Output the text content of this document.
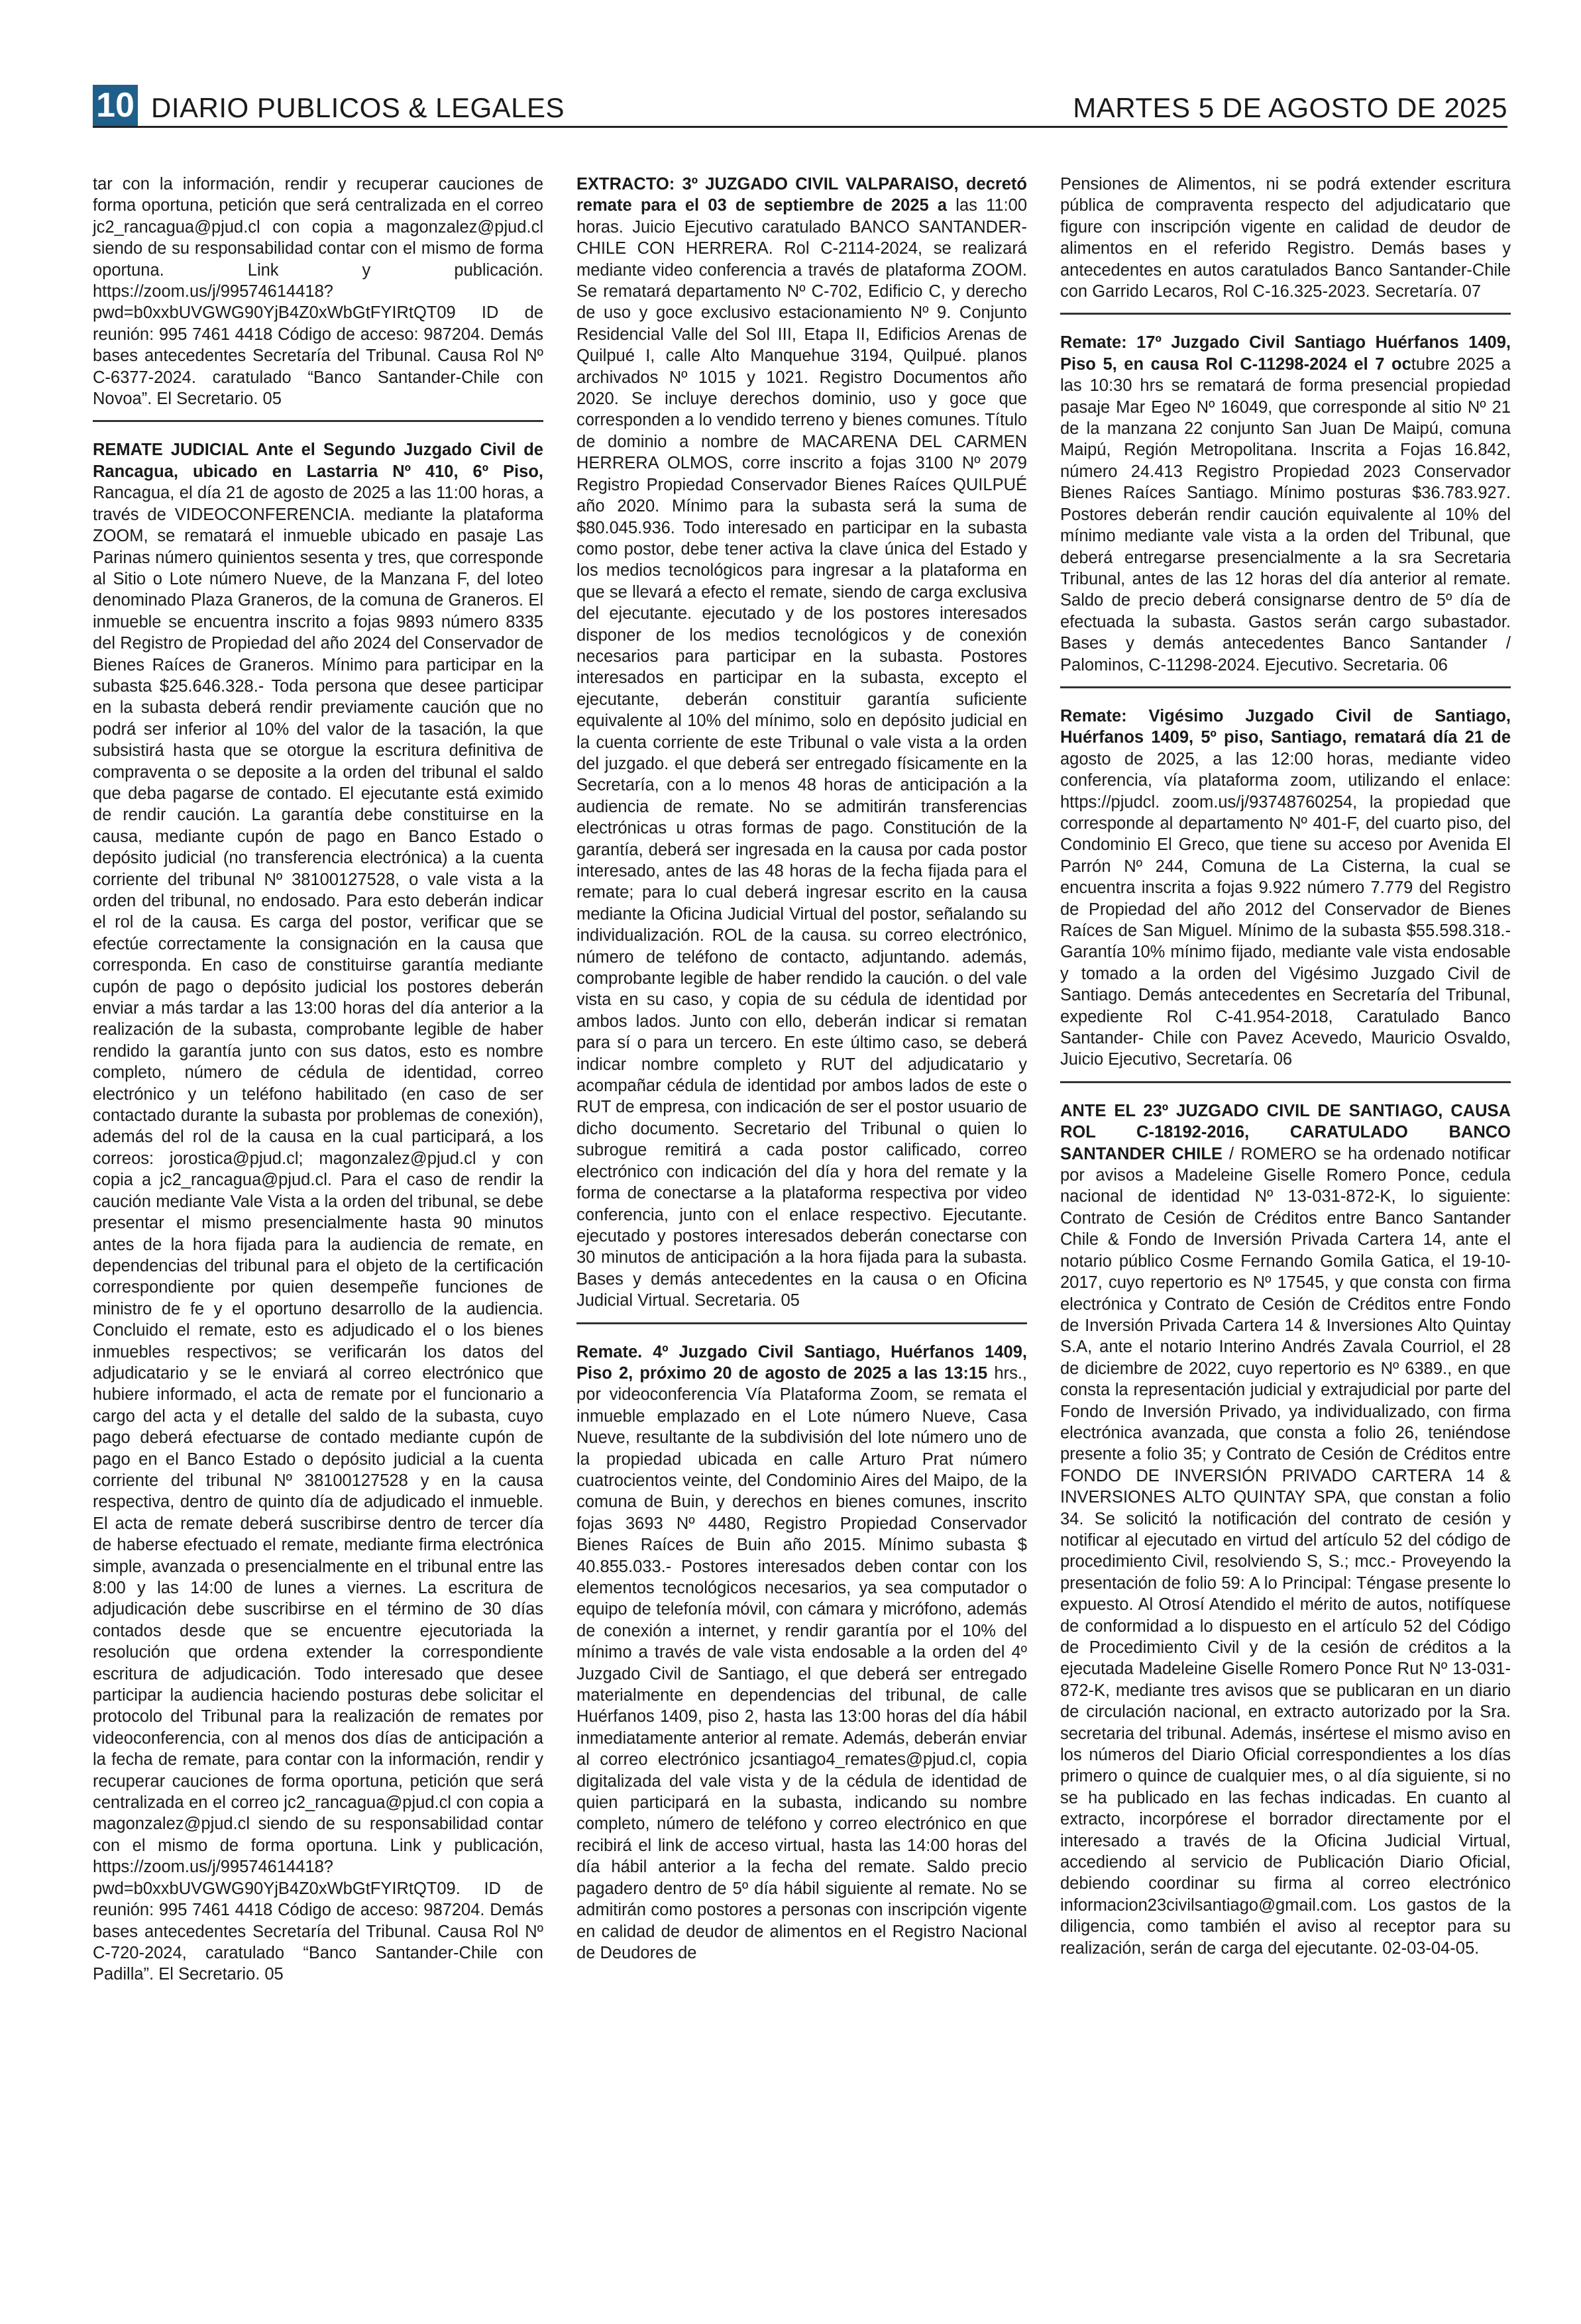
10 DIARIO PUBLICOS & LEGALES	MARTES 5 DE AGOSTO DE 2025

tar con la información, rendir y recuperar cauciones de forma oportuna, petición que será centralizada en el correo jc2_rancagua@pjud.cl con copia a magonzalez@pjud.cl siendo de su responsabilidad contar con el mismo de forma oportuna. Link y publicación. https://zoom.us/j/99574614418?pwd=b0xxbUVGWG90YjB4Z0xWbGtFYIRtQT09 ID de reunión: 995 7461 4418 Código de acceso: 987204. Demás bases antecedentes Secretaría del Tribunal. Causa Rol Nº C-6377-2024. caratulado “Banco Santander-Chile con Novoa”. El Secretario. 05

REMATE JUDICIAL Ante el Segundo Juzgado Civil de Rancagua, ubicado en Lastarria Nº 410, 6º Piso, Rancagua, el día 21 de agosto de 2025 a las 11:00 horas, a través de VIDEOCONFERENCIA. mediante la plataforma ZOOM, se rematará el inmueble ubicado en pasaje Las Parinas número quinientos sesenta y tres, que corresponde al Sitio o Lote número Nueve, de la Manzana F, del loteo denominado Plaza Graneros, de la comuna de Graneros. El inmueble se encuentra inscrito a fojas 9893 número 8335 del Registro de Propiedad del año 2024 del Conservador de Bienes Raíces de Graneros. Mínimo para participar en la subasta $25.646.328.- Toda persona que desee participar en la subasta deberá rendir previamente caución que no podrá ser inferior al 10% del valor de la tasación, la que subsistirá hasta que se otorgue la escritura definitiva de compraventa o se deposite a la orden del tribunal el saldo que deba pagarse de contado. El ejecutante está eximido de rendir caución. La garantía debe constituirse en la causa, mediante cupón de pago en Banco Estado o depósito judicial (no transferencia electrónica) a la cuenta corriente del tribunal Nº 38100127528, o vale vista a la orden del tribunal, no endosado. Para esto deberán indicar el rol de la causa. Es carga del postor, verificar que se efectúe correctamente la consignación en la causa que corresponda. En caso de constituirse garantía mediante cupón de pago o depósito judicial los postores deberán enviar a más tardar a las 13:00 horas del día anterior a la realización de la subasta, comprobante legible de haber rendido la garantía junto con sus datos, esto es nombre completo, número de cédula de identidad, correo electrónico y un teléfono habilitado (en caso de ser contactado durante la subasta por problemas de conexión), además del rol de la causa en la cual participará, a los correos: jorostica@pjud.cl; magonzalez@pjud.cl y con copia a jc2_rancagua@pjud.cl. Para el caso de rendir la caución mediante Vale Vista a la orden del tribunal, se debe presentar el mismo presencialmente hasta 90 minutos antes de la hora fijada para la audiencia de remate, en dependencias del tribunal para el objeto de la certificación correspondiente por quien desempeñe funciones de ministro de fe y el oportuno desarrollo de la audiencia. Concluido el remate, esto es adjudicado el o los bienes inmuebles respectivos; se verificarán los datos del adjudicatario y se le enviará al correo electrónico que hubiere informado, el acta de remate por el funcionario a cargo del acta y el detalle del saldo de la subasta, cuyo pago deberá efectuarse de contado mediante cupón de pago en el Banco Estado o depósito judicial a la cuenta corriente del tribunal Nº 38100127528 y en la causa respectiva, dentro de quinto día de adjudicado el inmueble. El acta de remate deberá suscribirse dentro de tercer día de haberse efectuado el remate, mediante firma electrónica simple, avanzada o presencialmente en el tribunal entre las 8:00 y las 14:00 de lunes a viernes. La escritura de adjudicación debe suscribirse en el término de 30 días contados desde que se encuentre ejecutoriada la resolución que ordena extender la correspondiente escritura de adjudicación. Todo interesado que desee participar la audiencia haciendo posturas debe solicitar el protocolo del Tribunal para la realización de remates por videoconferencia, con al menos dos días de anticipación a la fecha de remate, para contar con la información, rendir y recuperar cauciones de forma oportuna, petición que será centralizada en el correo jc2_rancagua@pjud.cl con copia a magonzalez@pjud.cl siendo de su responsabilidad contar con el mismo de forma oportuna. Link y publicación, https://zoom.us/j/99574614418?pwd=b0xxbUVGWG90YjB4Z0xWbGtFYIRtQT09. ID de reunión: 995 7461 4418 Código de acceso: 987204. Demás bases antecedentes Secretaría del Tribunal. Causa Rol Nº C-720-2024, caratulado “Banco Santander-Chile con Padilla”. El Secretario. 05

EXTRACTO: 3º JUZGADO CIVIL VALPARAISO, decretó remate para el 03 de septiembre de 2025 a las 11:00 horas. Juicio Ejecutivo caratulado BANCO SANTANDER-CHILE CON HERRERA. Rol C-2114-2024, se realizará mediante video conferencia a través de plataforma ZOOM. Se rematará departamento Nº C-702, Edificio C, y derecho de uso y goce exclusivo estacionamiento Nº 9. Conjunto Residencial Valle del Sol III, Etapa II, Edificios Arenas de Quilpué I, calle Alto Manquehue 3194, Quilpué. planos archivados Nº 1015 y 1021. Registro Documentos año 2020. Se incluye derechos dominio, uso y goce que corresponden a lo vendido terreno y bienes comunes. Título de dominio a nombre de MACARENA DEL CARMEN HERRERA OLMOS, corre inscrito a fojas 3100 Nº 2079 Registro Propiedad Conservador Bienes Raíces QUILPUÉ año 2020. Mínimo para la subasta será la suma de $80.045.936. Todo interesado en participar en la subasta como postor, debe tener activa la clave única del Estado y los medios tecnológicos para ingresar a la plataforma en que se llevará a efecto el remate, siendo de carga exclusiva del ejecutante. ejecutado y de los postores interesados disponer de los medios tecnológicos y de conexión necesarios para participar en la subasta. Postores interesados en participar en la subasta, excepto el ejecutante, deberán constituir garantía suficiente equivalente al 10% del mínimo, solo en depósito judicial en la cuenta corriente de este Tribunal o vale vista a la orden del juzgado. el que deberá ser entregado físicamente en la Secretaría, con a lo menos 48 horas de anticipación a la audiencia de remate. No se admitirán transferencias electrónicas u otras formas de pago. Constitución de la garantía, deberá ser ingresada en la causa por cada postor interesado, antes de las 48 horas de la fecha fijada para el remate; para lo cual deberá ingresar escrito en la causa mediante la Oficina Judicial Virtual del postor, señalando su individualización. ROL de la causa. su correo electrónico, número de teléfono de contacto, adjuntando. además, comprobante legible de haber rendido la caución. o del vale vista en su caso, y copia de su cédula de identidad por ambos lados. Junto con ello, deberán indicar si rematan para sí o para un tercero. En este último caso, se deberá indicar nombre completo y RUT del adjudicatario y acompañar cédula de identidad por ambos lados de este o RUT de empresa, con indicación de ser el postor usuario de dicho documento. Secretario del Tribunal o quien lo subrogue remitirá a cada postor calificado, correo electrónico con indicación del día y hora del remate y la forma de conectarse a la plataforma respectiva por video conferencia, junto con el enlace respectivo. Ejecutante. ejecutado y postores interesados deberán conectarse con 30 minutos de anticipación a la hora fijada para la subasta. Bases y demás antecedentes en la causa o en Oficina Judicial Virtual. Secretaria. 05

Remate. 4º Juzgado Civil Santiago, Huérfanos 1409, Piso 2, próximo 20 de agosto de 2025 a las 13:15 hrs., por videoconferencia Vía Plataforma Zoom, se remata el inmueble emplazado en el Lote número Nueve, Casa Nueve, resultante de la subdivisión del lote número uno de la propiedad ubicada en calle Arturo Prat número cuatrocientos veinte, del Condominio Aires del Maipo, de la comuna de Buin, y derechos en bienes comunes, inscrito fojas 3693 Nº 4480, Registro Propiedad Conservador Bienes Raíces de Buin año 2015. Mínimo subasta $ 40.855.033.- Postores interesados deben contar con los elementos tecnológicos necesarios, ya sea computador o equipo de telefonía móvil, con cámara y micrófono, además de conexión a internet, y rendir garantía por el 10% del mínimo a través de vale vista endosable a la orden del 4º Juzgado Civil de Santiago, el que deberá ser entregado materialmente en dependencias del tribunal, de calle Huérfanos 1409, piso 2, hasta las 13:00 horas del día hábil inmediatamente anterior al remate. Además, deberán enviar al correo electrónico jcsantiago4_remates@pjud.cl, copia digitalizada del vale vista y de la cédula de identidad de quien participará en la subasta, indicando su nombre completo, número de teléfono y correo electrónico en que recibirá el link de acceso virtual, hasta las 14:00 horas del día hábil anterior a la fecha del remate. Saldo precio pagadero dentro de 5º día hábil siguiente al remate. No se admitirán como postores a personas con inscripción vigente en calidad de deudor de alimentos en el Registro Nacional de Deudores de

Pensiones de Alimentos, ni se podrá extender escritura pública de compraventa respecto del adjudicatario que figure con inscripción vigente en calidad de deudor de alimentos en el referido Registro. Demás bases y antecedentes en autos caratulados Banco Santander-Chile con Garrido Lecaros, Rol C-16.325-2023. Secretaría. 07

Remate: 17º Juzgado Civil Santiago Huérfanos 1409, Piso 5, en causa Rol C-11298-2024 el 7 octubre 2025 a las 10:30 hrs se rematará de forma presencial propiedad pasaje Mar Egeo Nº 16049, que corresponde al sitio Nº 21 de la manzana 22 conjunto San Juan De Maipú, comuna Maipú, Región Metropolitana. Inscrita a Fojas 16.842, número 24.413 Registro Propiedad 2023 Conservador Bienes Raíces Santiago. Mínimo posturas $36.783.927. Postores deberán rendir caución equivalente al 10% del mínimo mediante vale vista a la orden del Tribunal, que deberá entregarse presencialmente a la sra Secretaria Tribunal, antes de las 12 horas del día anterior al remate. Saldo de precio deberá consignarse dentro de 5º día de efectuada la subasta. Gastos serán cargo subastador. Bases y demás antecedentes Banco Santander / Palominos, C-11298-2024. Ejecutivo. Secretaria. 06

Remate: Vigésimo Juzgado Civil de Santiago, Huérfanos 1409, 5º piso, Santiago, rematará día 21 de agosto de 2025, a las 12:00 horas, mediante video conferencia, vía plataforma zoom, utilizando el enlace: https://pjudcl. zoom.us/j/93748760254, la propiedad que corresponde al departamento Nº 401-F, del cuarto piso, del Condominio El Greco, que tiene su acceso por Avenida El Parrón Nº 244, Comuna de La Cisterna, la cual se encuentra inscrita a fojas 9.922 número 7.779 del Registro de Propiedad del año 2012 del Conservador de Bienes Raíces de San Miguel. Mínimo de la subasta $55.598.318.- Garantía 10% mínimo fijado, mediante vale vista endosable y tomado a la orden del Vigésimo Juzgado Civil de Santiago. Demás antecedentes en Secretaría del Tribunal, expediente Rol C-41.954-2018, Caratulado Banco Santander- Chile con Pavez Acevedo, Mauricio Osvaldo, Juicio Ejecutivo, Secretaría. 06

ANTE EL 23º JUZGADO CIVIL DE SANTIAGO, CAUSA ROL C-18192-2016, CARATULADO BANCO SANTANDER CHILE / ROMERO se ha ordenado notificar por avisos a Madeleine Giselle Romero Ponce, cedula nacional de identidad Nº 13-031-872-K, lo siguiente: Contrato de Cesión de Créditos entre Banco Santander Chile & Fondo de Inversión Privada Cartera 14, ante el notario público Cosme Fernando Gomila Gatica, el 19-10-2017, cuyo repertorio es Nº 17545, y que consta con firma electrónica y Contrato de Cesión de Créditos entre Fondo de Inversión Privada Cartera 14 & Inversiones Alto Quintay S.A, ante el notario Interino Andrés Zavala Courriol, el 28 de diciembre de 2022, cuyo repertorio es Nº 6389., en que consta la representación judicial y extrajudicial por parte del Fondo de Inversión Privado, ya individualizado, con firma electrónica avanzada, que consta a folio 26, teniéndose presente a folio 35; y Contrato de Cesión de Créditos entre FONDO DE INVERSIÓN PRIVADO CARTERA 14 & INVERSIONES ALTO QUINTAY SPA, que constan a folio 34. Se solicitó la notificación del contrato de cesión y notificar al ejecutado en virtud del artículo 52 del código de procedimiento Civil, resolviendo S, S.; mcc.- Proveyendo la presentación de folio 59: A lo Principal: Téngase presente lo expuesto. Al Otrosí Atendido el mérito de autos, notifíquese de conformidad a lo dispuesto en el artículo 52 del Código de Procedimiento Civil y de la cesión de créditos a la ejecutada Madeleine Giselle Romero Ponce Rut Nº 13-031-872-K, mediante tres avisos que se publicaran en un diario de circulación nacional, en extracto autorizado por la Sra. secretaria del tribunal. Además, insértese el mismo aviso en los números del Diario Oficial correspondientes a los días primero o quince de cualquier mes, o al día siguiente, si no se ha publicado en las fechas indicadas. En cuanto al extracto, incorpórese el borrador directamente por el interesado a través de la Oficina Judicial Virtual, accediendo al servicio de Publicación Diario Oficial, debiendo coordinar su firma al correo electrónico informacion23civilsantiago@gmail.com. Los gastos de la diligencia, como también el aviso al receptor para su realización, serán de carga del ejecutante. 02-03-04-05.
